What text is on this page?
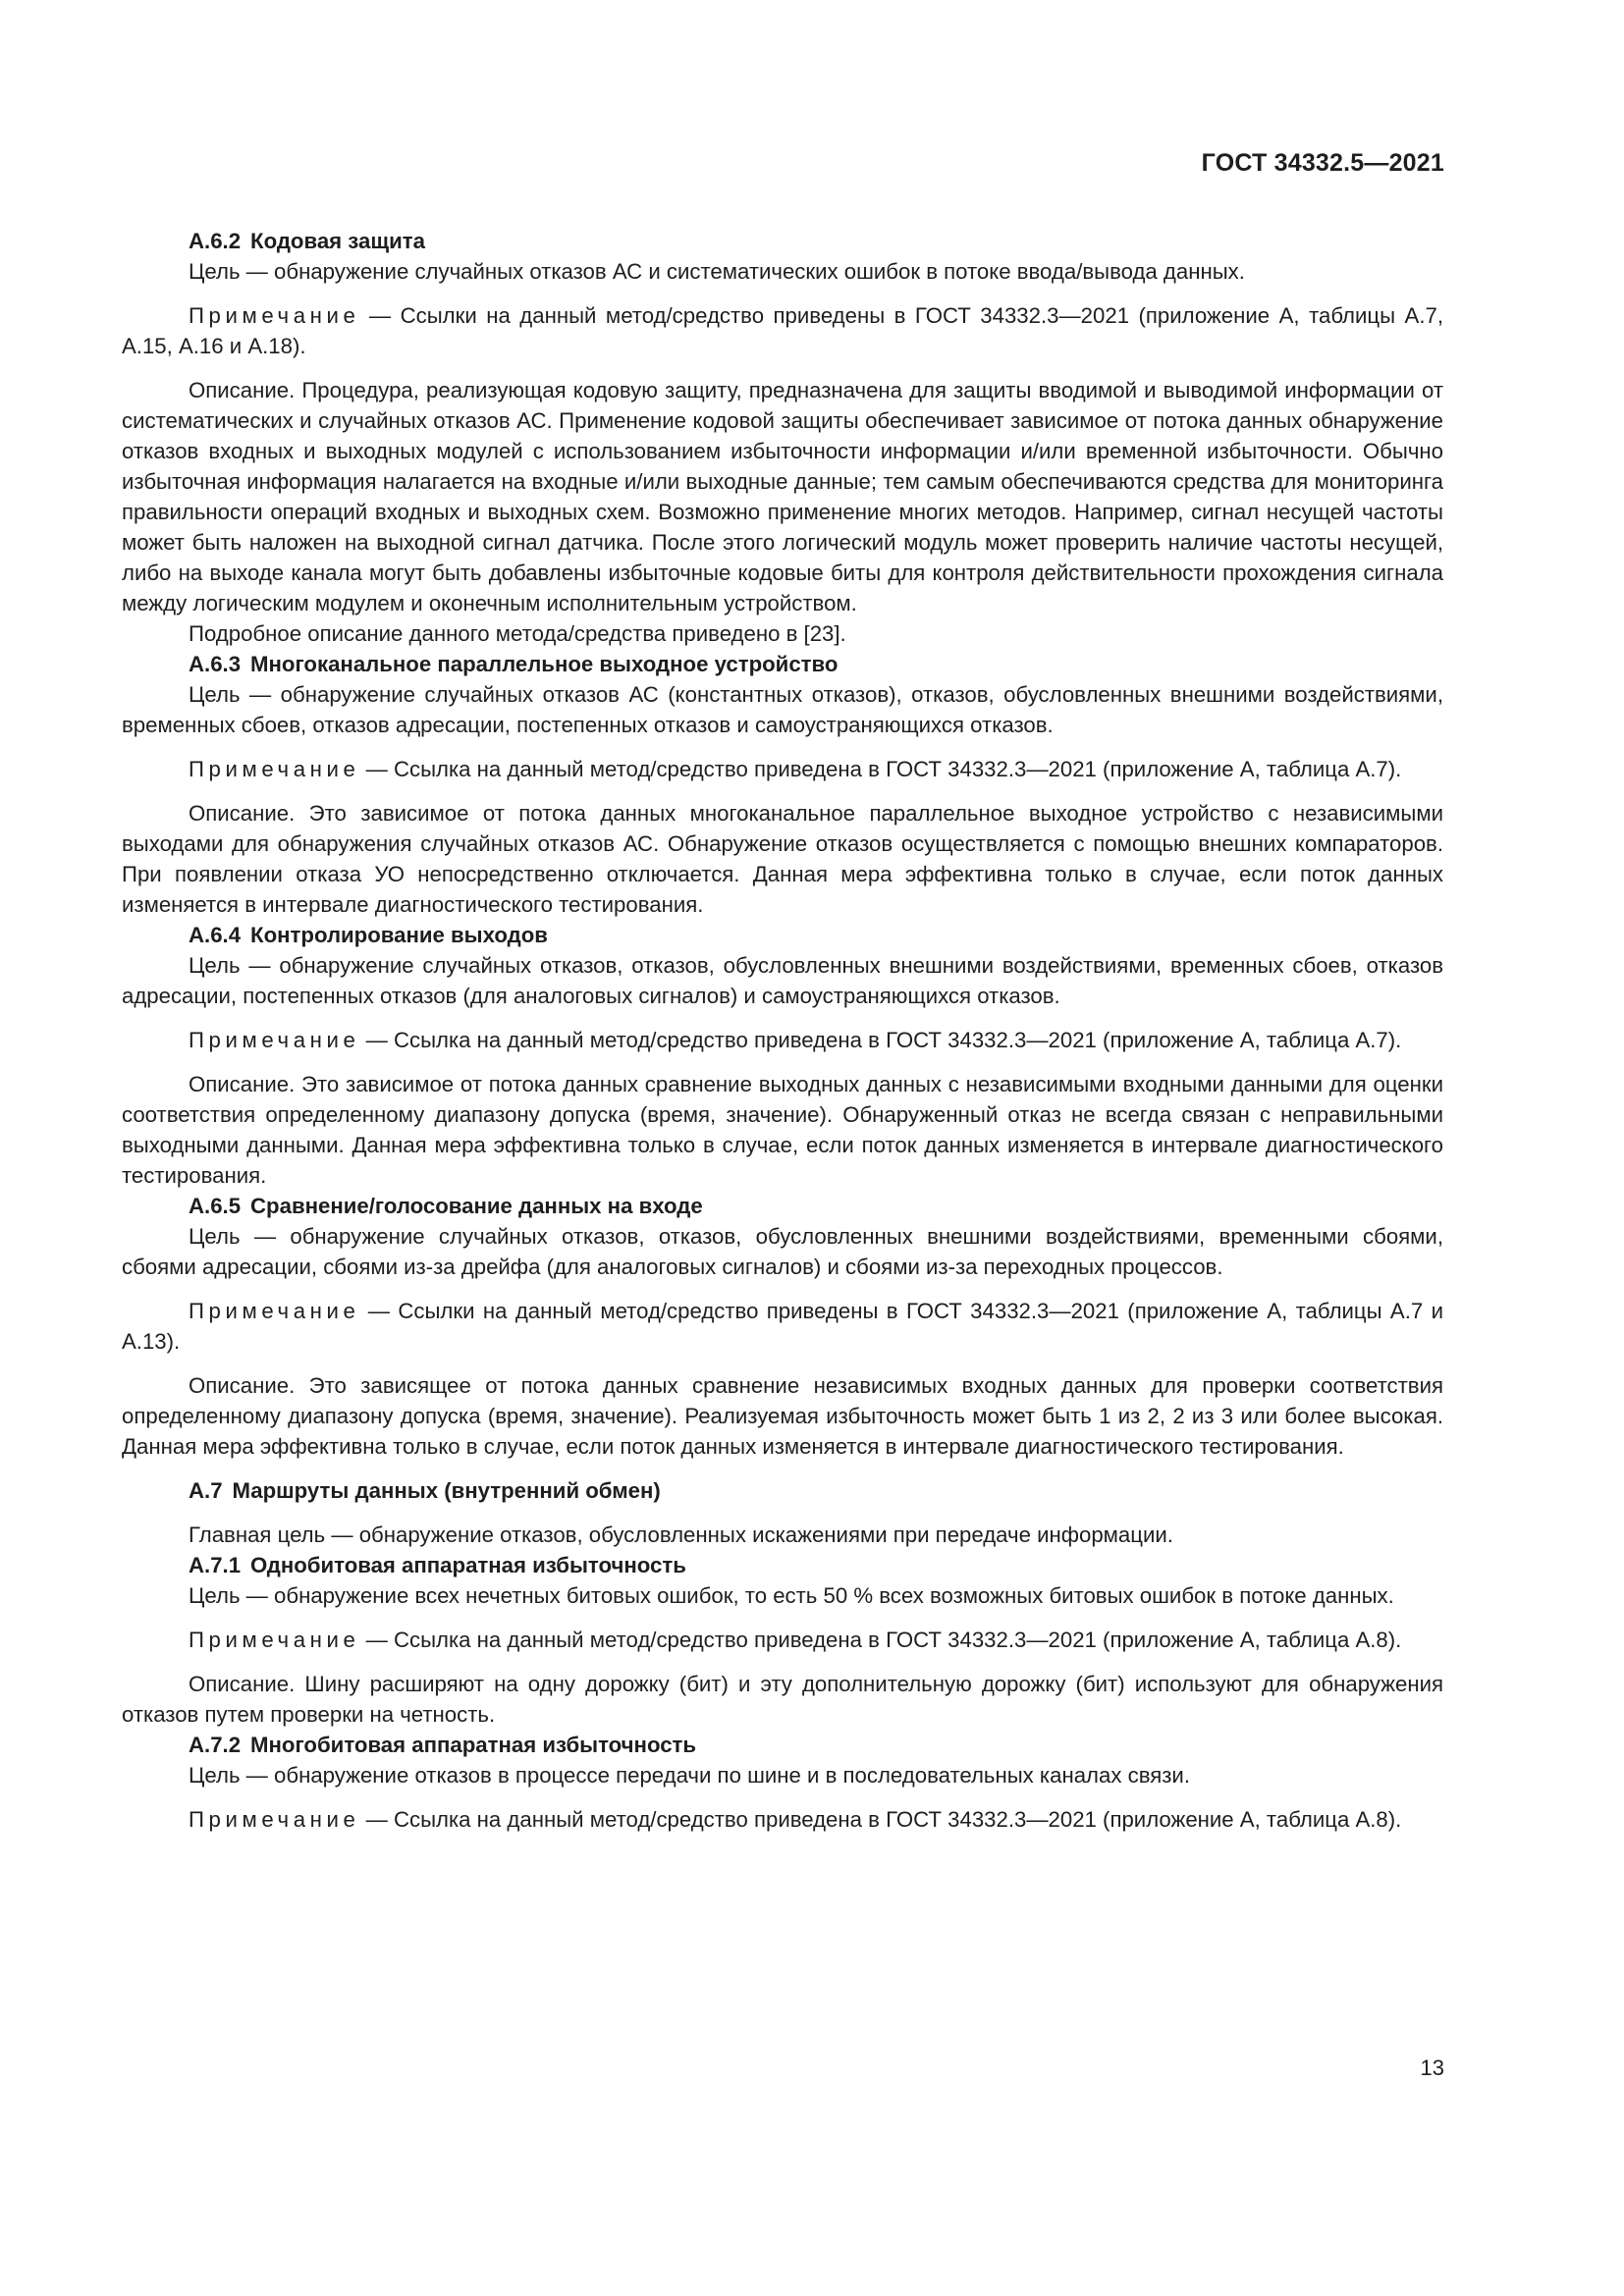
ГОСТ 34332.5—2021

А.6.2 Кодовая защита

Цель — обнаружение случайных отказов АС и систематических ошибок в потоке ввода/вывода данных.

Примечание — Ссылки на данный метод/средство приведены в ГОСТ 34332.3—2021 (приложение А, таблицы А.7, А.15, А.16 и А.18).

Описание. Процедура, реализующая кодовую защиту, предназначена для защиты вводимой и выводимой информации от систематических и случайных отказов АС. Применение кодовой защиты обеспечивает зависимое от потока данных обнаружение отказов входных и выходных модулей с использованием избыточности информации и/или временной избыточности. Обычно избыточная информация налагается на входные и/или выходные данные; тем самым обеспечиваются средства для мониторинга правильности операций входных и выходных схем. Возможно применение многих методов. Например, сигнал несущей частоты может быть наложен на выходной сигнал датчика. После этого логический модуль может проверить наличие частоты несущей, либо на выходе канала могут быть добавлены избыточные кодовые биты для контроля действительности прохождения сигнала между логическим модулем и оконечным исполнительным устройством.

Подробное описание данного метода/средства приведено в [23].

А.6.3 Многоканальное параллельное выходное устройство

Цель — обнаружение случайных отказов АС (константных отказов), отказов, обусловленных внешними воздействиями, временных сбоев, отказов адресации, постепенных отказов и самоустраняющихся отказов.

Примечание — Ссылка на данный метод/средство приведена в ГОСТ 34332.3—2021 (приложение А, таблица А.7).

Описание. Это зависимое от потока данных многоканальное параллельное выходное устройство с независимыми выходами для обнаружения случайных отказов АС. Обнаружение отказов осуществляется с помощью внешних компараторов. При появлении отказа УО непосредственно отключается. Данная мера эффективна только в случае, если поток данных изменяется в интервале диагностического тестирования.

А.6.4 Контролирование выходов

Цель — обнаружение случайных отказов, отказов, обусловленных внешними воздействиями, временных сбоев, отказов адресации, постепенных отказов (для аналоговых сигналов) и самоустраняющихся отказов.

Примечание — Ссылка на данный метод/средство приведена в ГОСТ 34332.3—2021 (приложение А, таблица А.7).

Описание. Это зависимое от потока данных сравнение выходных данных с независимыми входными данными для оценки соответствия определенному диапазону допуска (время, значение). Обнаруженный отказ не всегда связан с неправильными выходными данными. Данная мера эффективна только в случае, если поток данных изменяется в интервале диагностического тестирования.

А.6.5 Сравнение/голосование данных на входе

Цель — обнаружение случайных отказов, отказов, обусловленных внешними воздействиями, временными сбоями, сбоями адресации, сбоями из-за дрейфа (для аналоговых сигналов) и сбоями из-за переходных процессов.

Примечание — Ссылки на данный метод/средство приведены в ГОСТ 34332.3—2021 (приложение А, таблицы А.7 и А.13).

Описание. Это зависящее от потока данных сравнение независимых входных данных для проверки соответствия определенному диапазону допуска (время, значение). Реализуемая избыточность может быть 1 из 2, 2 из 3 или более высокая. Данная мера эффективна только в случае, если поток данных изменяется в интервале диагностического тестирования.

А.7 Маршруты данных (внутренний обмен)

Главная цель — обнаружение отказов, обусловленных искажениями при передаче информации.

А.7.1 Однобитовая аппаратная избыточность

Цель — обнаружение всех нечетных битовых ошибок, то есть 50 % всех возможных битовых ошибок в потоке данных.

Примечание — Ссылка на данный метод/средство приведена в ГОСТ 34332.3—2021 (приложение А, таблица А.8).

Описание. Шину расширяют на одну дорожку (бит) и эту дополнительную дорожку (бит) используют для обнаружения отказов путем проверки на четность.

А.7.2 Многобитовая аппаратная избыточность

Цель — обнаружение отказов в процессе передачи по шине и в последовательных каналах связи.

Примечание — Ссылка на данный метод/средство приведена в ГОСТ 34332.3—2021 (приложение А, таблица А.8).

13
